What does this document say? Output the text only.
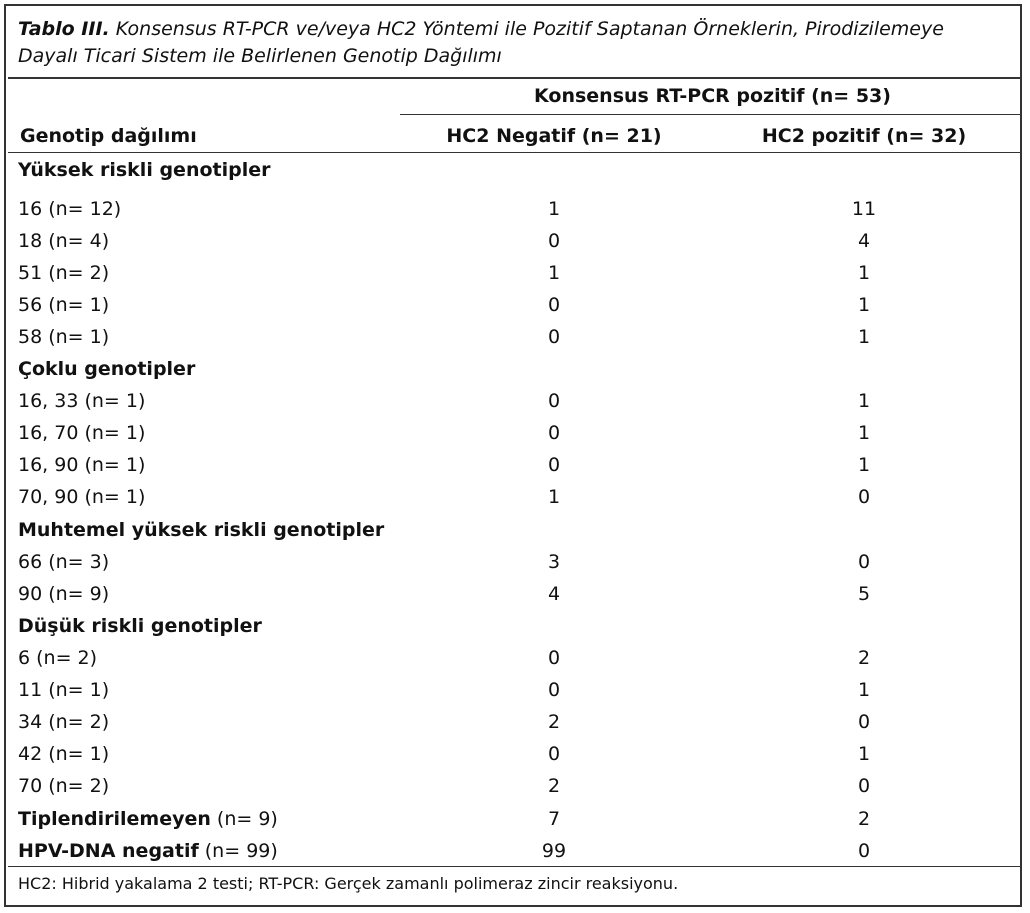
Tablo III. Konsensus RT-PCR ve/veya HC2 Yöntemi ile Pozitif Saptanan Örneklerin, Pirodizilemeye Dayalı Ticari Sistem ile Belirlenen Genotip Dağılımı
Konsensus RT-PCR pozitif (n= 53)
Genotip dağılımı	HC2 Negatif (n= 21)	HC2 pozitif (n= 32)
Yüksek riskli genotipler
16 (n= 12)	1	11
18 (n= 4)	0	4
51 (n= 2)	1	1
56 (n= 1)	0	1
58 (n= 1)	0	1
Çoklu genotipler
16, 33 (n= 1)	0	1
16, 70 (n= 1)	0	1
16, 90 (n= 1)	0	1
70, 90 (n= 1)	1	0
Muhtemel yüksek riskli genotipler
66 (n= 3)	3	0
90 (n= 9)	4	5
Düşük riskli genotipler
6 (n= 2)	0	2
11 (n= 1)	0	1
34 (n= 2)	2	0
42 (n= 1)	0	1
70 (n= 2)	2	0
Tiplendirilemeyen (n= 9)	7	2
HPV-DNA negatif (n= 99)	99	0
HC2: Hibrid yakalama 2 testi; RT-PCR: Gerçek zamanlı polimeraz zincir reaksiyonu.
